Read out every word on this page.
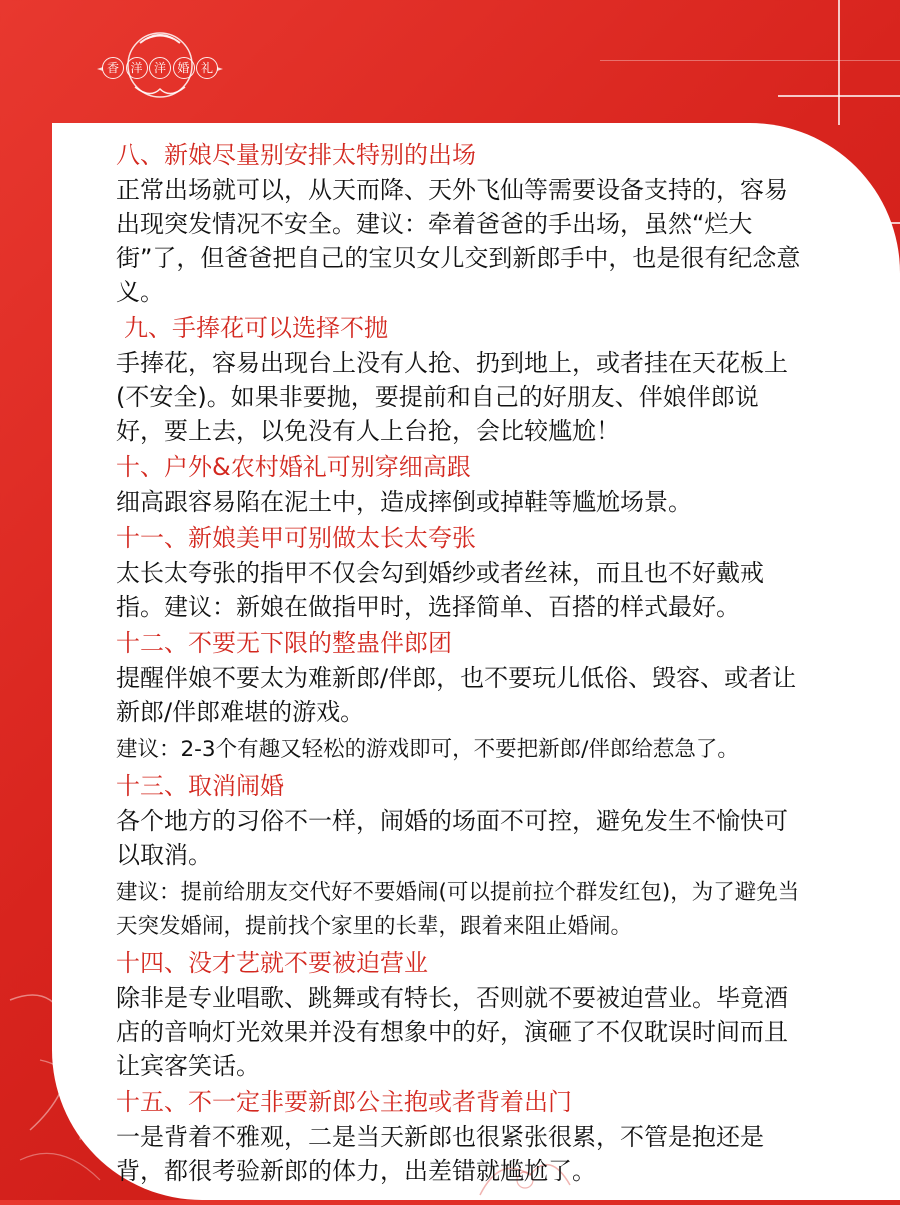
香 洋 洋 婚 礼
八、新娘尽量别安排太特别的出场
正常出场就可以，从天而降、天外飞仙等需要设备支持的，容易出现突发情况不安全。建议：牵着爸爸的手出场，虽然“烂大街”了，但爸爸把自己的宝贝女儿交到新郎手中，也是很有纪念意义。
九、手捧花可以选择不抛
手捧花，容易出现台上没有人抢、扔到地上，或者挂在天花板上(不安全)。如果非要抛，要提前和自己的好朋友、伴娘伴郎说好，要上去，以免没有人上台抢，会比较尴尬！
十、户外&农村婚礼可别穿细高跟
细高跟容易陷在泥土中，造成摔倒或掉鞋等尴尬场景。
十一、新娘美甲可别做太长太夸张
太长太夸张的指甲不仅会勾到婚纱或者丝袜，而且也不好戴戒指。建议：新娘在做指甲时，选择简单、百搭的样式最好。
十二、不要无下限的整蛊伴郎团
提醒伴娘不要太为难新郎/伴郎，也不要玩儿低俗、毁容、或者让新郎/伴郎难堪的游戏。
建议：2-3个有趣又轻松的游戏即可，不要把新郎/伴郎给惹急了。
十三、取消闹婚
各个地方的习俗不一样，闹婚的场面不可控，避免发生不愉快可以取消。
建议：提前给朋友交代好不要婚闹(可以提前拉个群发红包)，为了避免当天突发婚闹，提前找个家里的长辈，跟着来阻止婚闹。
十四、没才艺就不要被迫营业
除非是专业唱歌、跳舞或有特长，否则就不要被迫营业。毕竟酒店的音响灯光效果并没有想象中的好，演砸了不仅耽误时间而且让宾客笑话。
十五、不一定非要新郎公主抱或者背着出门
一是背着不雅观，二是当天新郎也很紧张很累，不管是抱还是背，都很考验新郎的体力，出差错就尴尬了。
